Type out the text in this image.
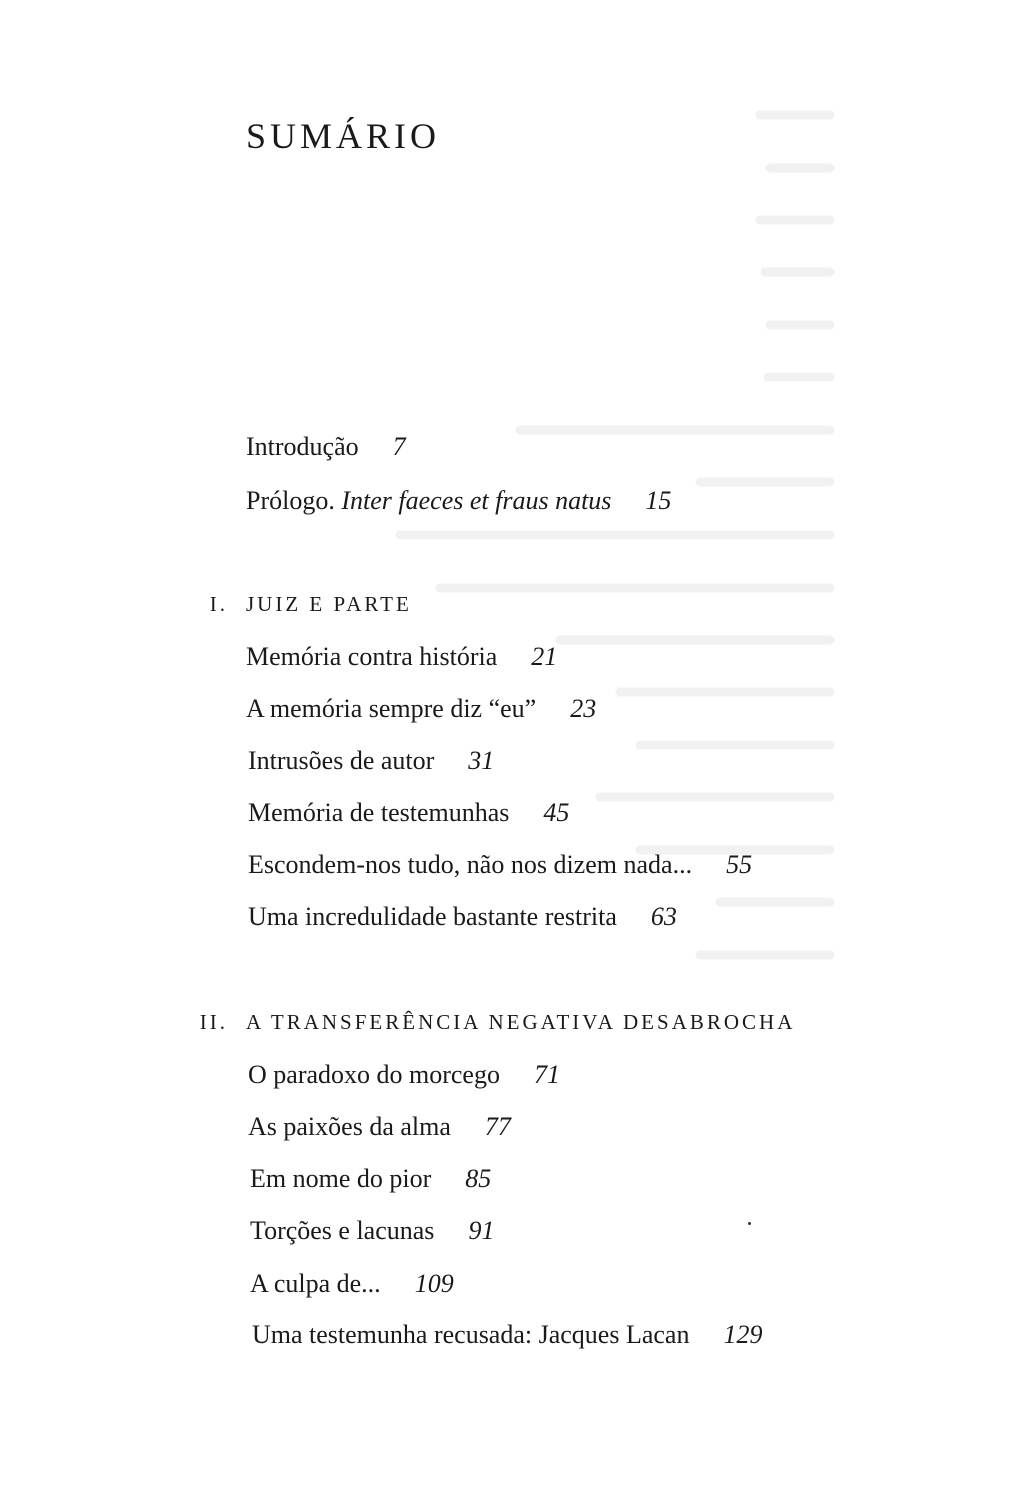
SUMÁRIO
Introdução 7
Prólogo. Inter faeces et fraus natus 15
I. JUIZ E PARTE
Memória contra história 21
A memória sempre diz “eu” 23
Intrusões de autor 31
Memória de testemunhas 45
Escondem-nos tudo, não nos dizem nada... 55
Uma incredulidade bastante restrita 63
II. A TRANSFERÊNCIA NEGATIVA DESABROCHA
O paradoxo do morcego 71
As paixões da alma 77
Em nome do pior 85
Torções e lacunas 91
A culpa de... 109
Uma testemunha recusada: Jacques Lacan 129
